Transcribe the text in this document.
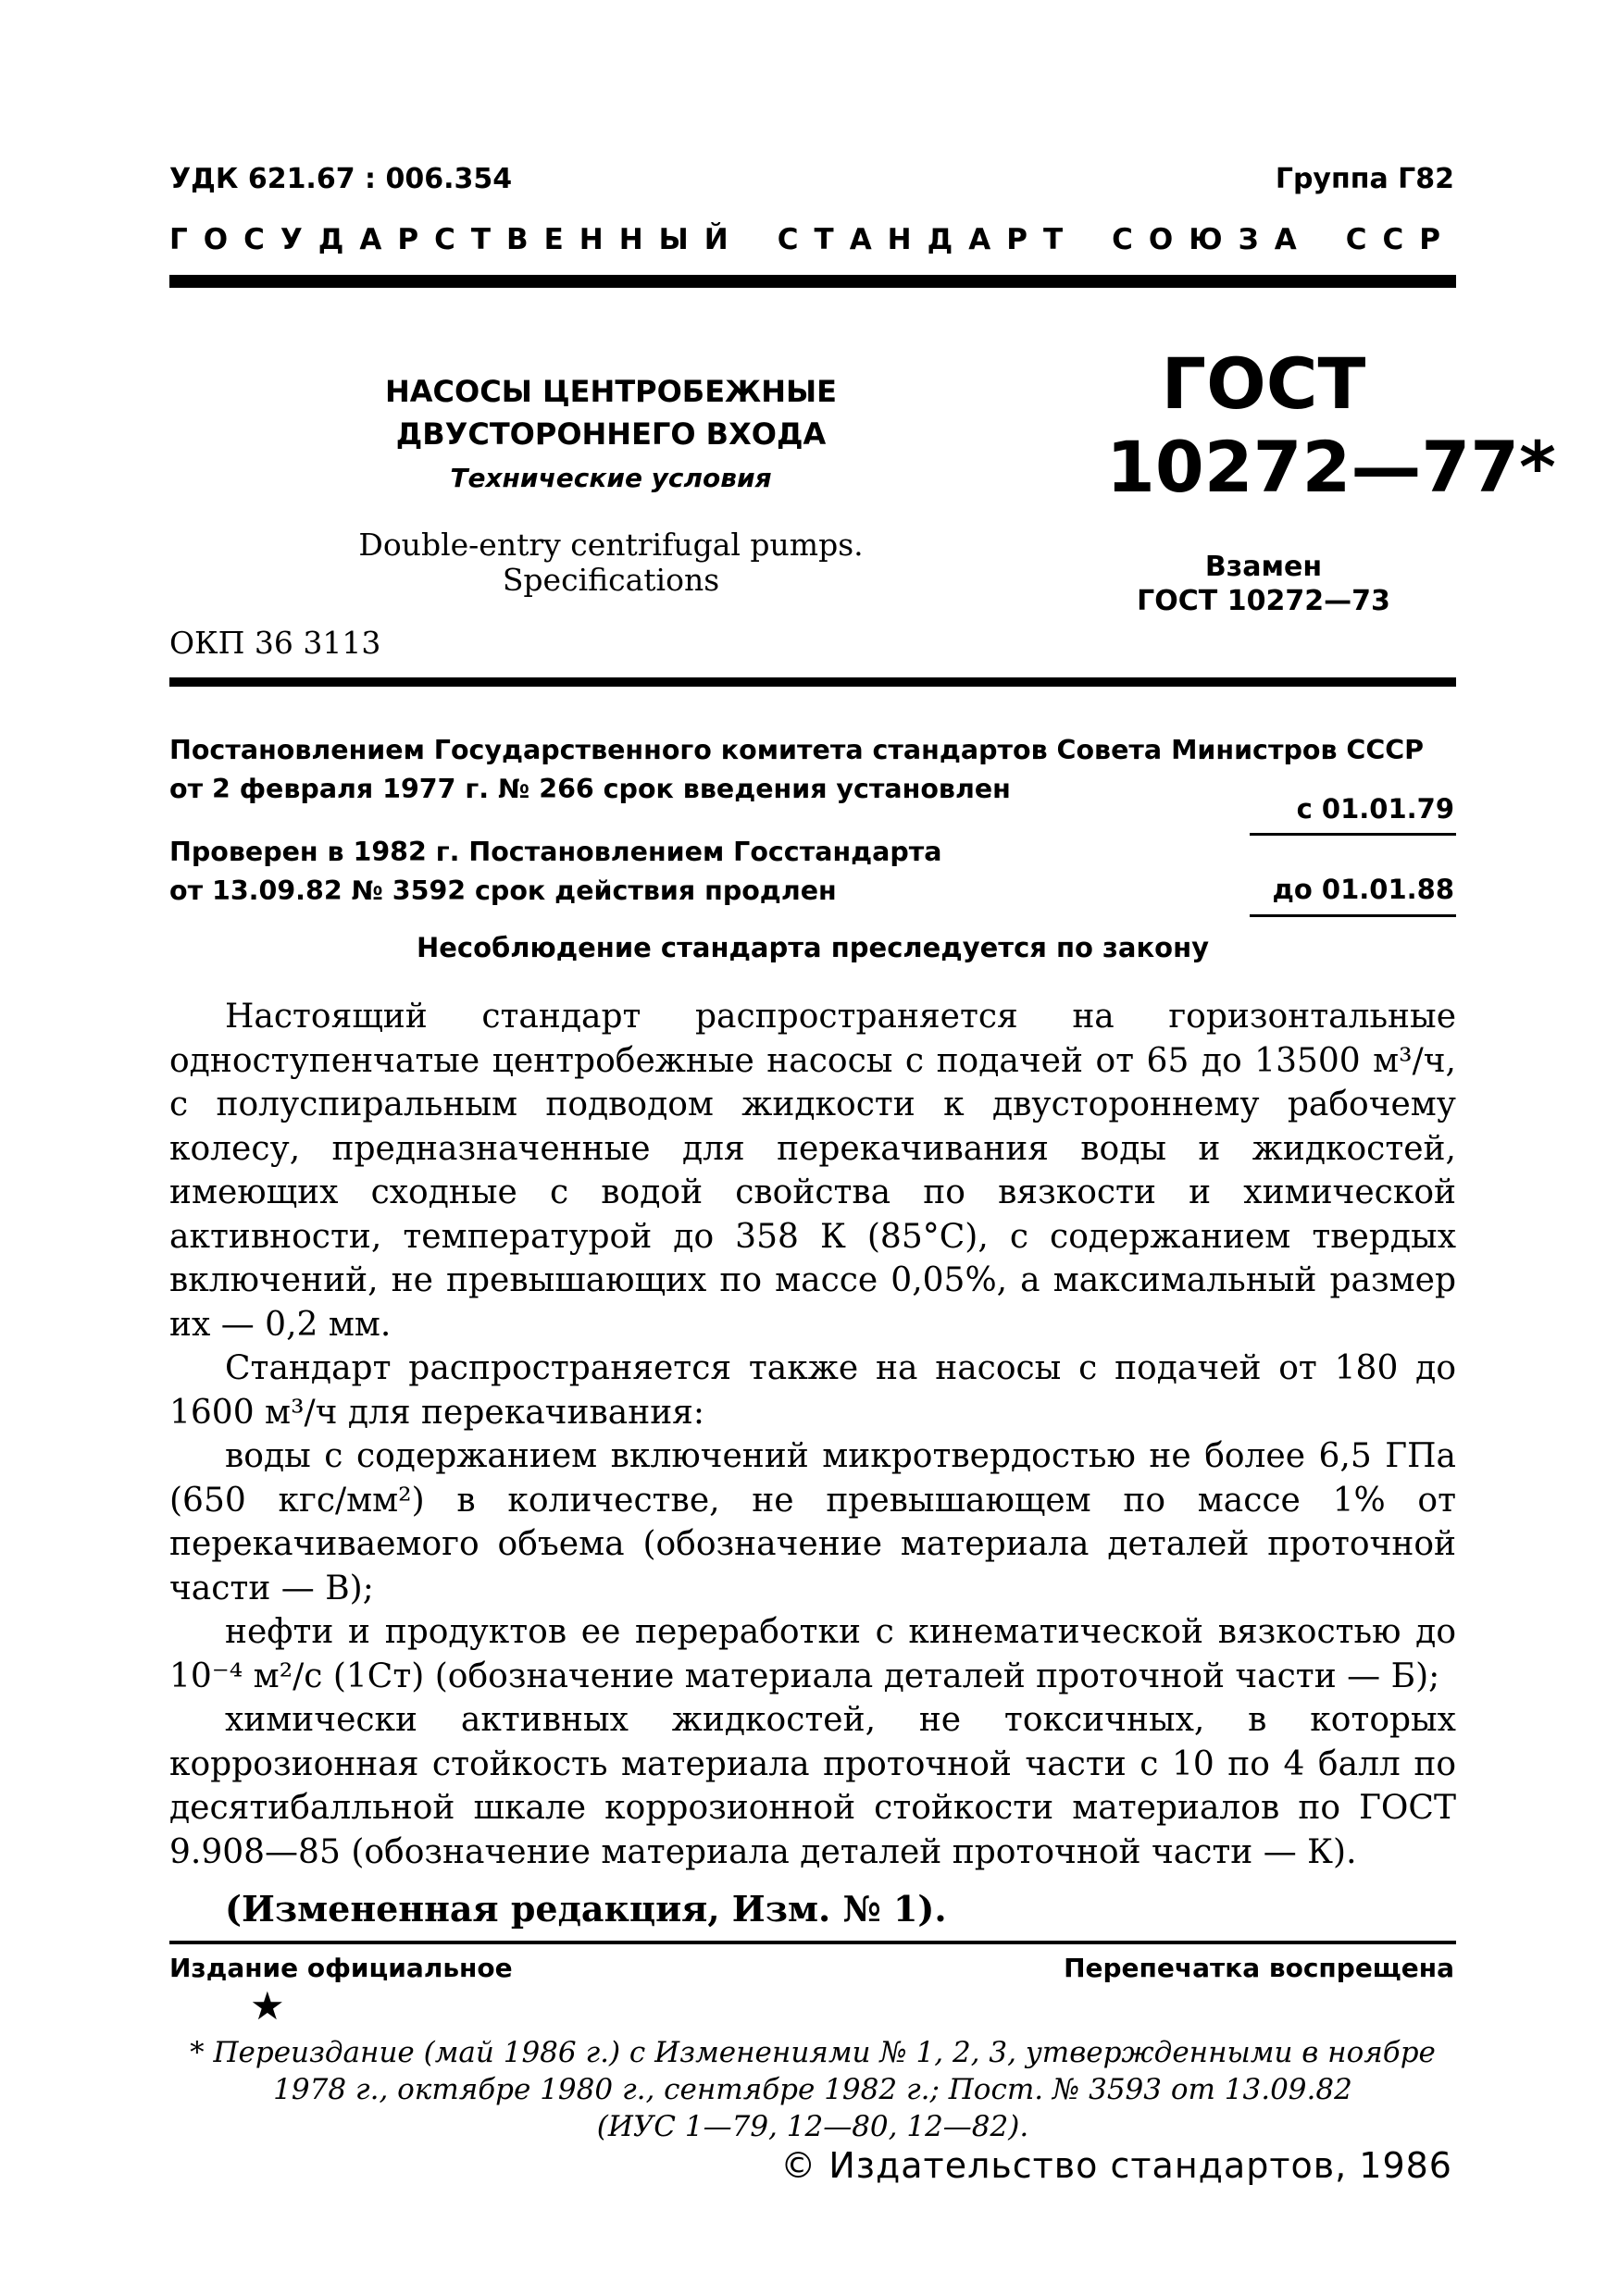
УДК 621.67 : 006.354	Группа Г82
ГОСУДАРСТВЕННЫЙ СТАНДАРТ СОЮЗА ССР
НАСОСЫ ЦЕНТРОБЕЖНЫЕ
ДВУСТОРОННЕГО ВХОДА
Технические условия
Double-entry centrifugal pumps.
Specifications
ОКП 36 3113
ГОСТ
10272—77*
Взамен
ГОСТ 10272—73
Постановлением Государственного комитета стандартов Совета Министров СССР
от 2 февраля 1977 г. № 266 срок введения установлен
с 01.01.79
Проверен в 1982 г. Постановлением Госстандарта
от 13.09.82 № 3592 срок действия продлен	до 01.01.88
Несоблюдение стандарта преследуется по закону

Настоящий стандарт распространяется на горизонтальные одноступенчатые центробежные насосы с подачей от 65 до 13500 м³/ч, с полуспиральным подводом жидкости к двустороннему рабочему колесу, предназначенные для перекачивания воды и жидкостей, имеющих сходные с водой свойства по вязкости и химической активности, температурой до 358 К (85°С), с содержанием твердых включений, не превышающих по массе 0,05%, а максимальный размер их — 0,2 мм.

Стандарт распространяется также на насосы с подачей от 180 до 1600 м³/ч для перекачивания:

воды с содержанием включений микротвердостью не более 6,5 ГПа (650 кгс/мм²) в количестве, не превышающем по массе 1% от перекачиваемого объема (обозначение материала деталей проточной части — В);

нефти и продуктов ее переработки с кинематической вязкостью до 10⁻⁴ м²/с (1Ст) (обозначение материала деталей проточной части — Б);

химически активных жидкостей, не токсичных, в которых коррозионная стойкость материала проточной части с 10 по 4 балл по десятибалльной шкале коррозионной стойкости материалов по ГОСТ 9.908—85 (обозначение материала деталей проточной части — К).

(Измененная редакция, Изм. № 1).
Издание официальное	Перепечатка воспрещена
★
* Переиздание (май 1986 г.) с Изменениями № 1, 2, 3, утвержденными в ноябре
1978 г., октябре 1980 г., сентябре 1982 г.; Пост. № 3593 от 13.09.82
(ИУС 1—79, 12—80, 12—82).
© Издательство стандартов, 1986
